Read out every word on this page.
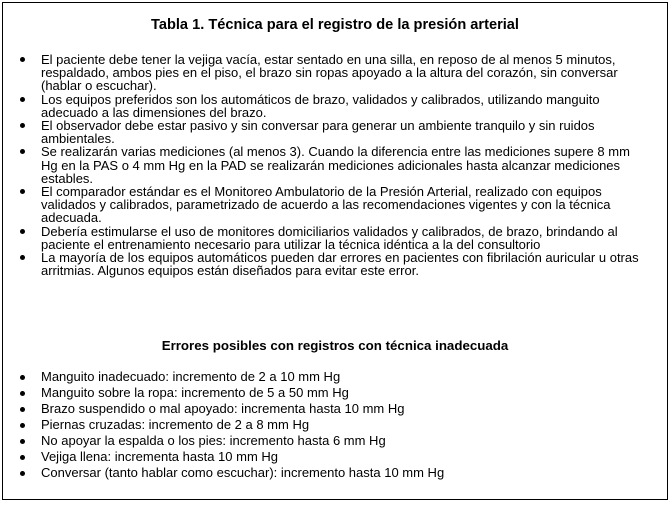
Tabla 1. Técnica para el registro de la presión arterial
El paciente debe tener la vejiga vacía, estar sentado en una silla, en reposo de al menos 5 minutos, respaldado, ambos pies en el piso, el brazo sin ropas apoyado a la altura del corazón, sin conversar (hablar o escuchar).
Los equipos preferidos son los automáticos de brazo, validados y calibrados, utilizando manguito adecuado a las dimensiones del brazo.
El observador debe estar pasivo y sin conversar para generar un ambiente tranquilo y sin ruidos ambientales.
Se realizarán varias mediciones (al menos 3). Cuando la diferencia entre las mediciones supere 8 mm Hg en la PAS o 4 mm Hg en la PAD se realizarán mediciones adicionales hasta alcanzar mediciones estables.
El comparador estándar es el Monitoreo Ambulatorio de la Presión Arterial, realizado con equipos validados y calibrados, parametrizado de acuerdo a las recomendaciones vigentes y con la técnica adecuada.
Debería estimularse el uso de monitores domiciliarios validados y calibrados, de brazo, brindando al paciente el entrenamiento necesario para utilizar la técnica idéntica a la del consultorio
La mayoría de los equipos automáticos pueden dar errores en pacientes con fibrilación auricular u otras arritmias. Algunos equipos están diseñados para evitar este error.
Errores posibles con registros con técnica inadecuada
Manguito inadecuado: incremento de 2 a 10 mm Hg
Manguito sobre la ropa: incremento de 5 a 50 mm Hg
Brazo suspendido o mal apoyado: incrementa hasta 10 mm Hg
Piernas cruzadas: incremento de 2 a 8 mm Hg
No apoyar la espalda o los pies: incremento hasta 6 mm Hg
Vejiga llena: incrementa hasta 10 mm Hg
Conversar (tanto hablar como escuchar): incremento hasta 10 mm Hg
